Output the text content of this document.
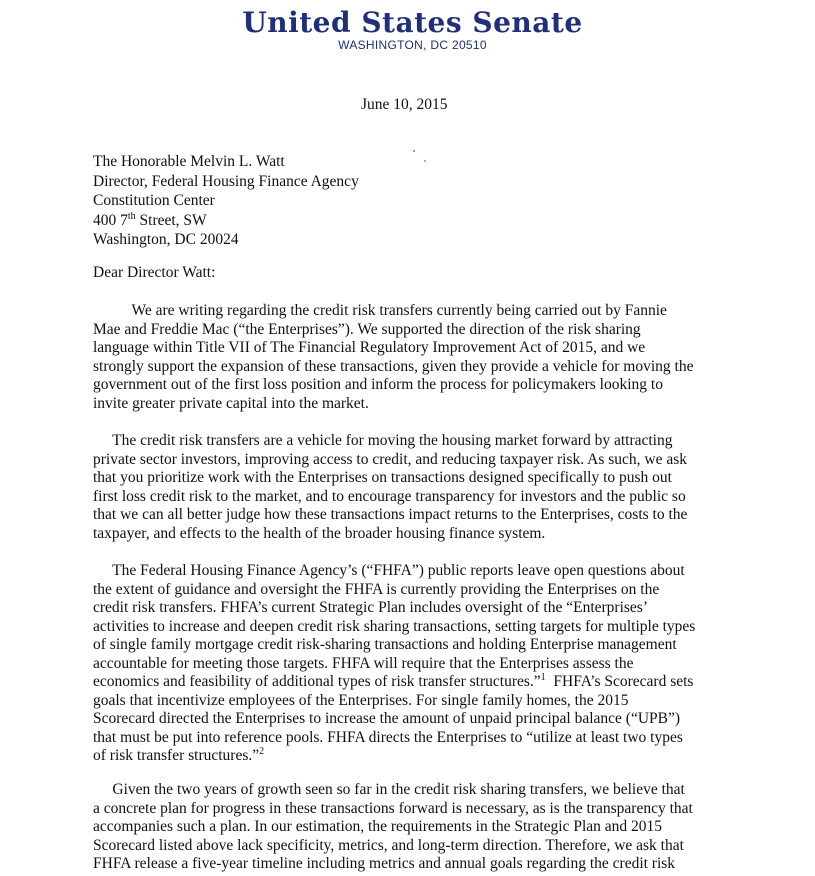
United States Senate
WASHINGTON, DC 20510
June 10, 2015
The Honorable Melvin L. Watt
Director, Federal Housing Finance Agency
Constitution Center
400 7th Street, SW
Washington, DC 20024
Dear Director Watt:
We are writing regarding the credit risk transfers currently being carried out by Fannie
Mae and Freddie Mac (“the Enterprises”). We supported the direction of the risk sharing
language within Title VII of The Financial Regulatory Improvement Act of 2015, and we
strongly support the expansion of these transactions, given they provide a vehicle for moving the
government out of the first loss position and inform the process for policymakers looking to
invite greater private capital into the market.
The credit risk transfers are a vehicle for moving the housing market forward by attracting
private sector investors, improving access to credit, and reducing taxpayer risk. As such, we ask
that you prioritize work with the Enterprises on transactions designed specifically to push out
first loss credit risk to the market, and to encourage transparency for investors and the public so
that we can all better judge how these transactions impact returns to the Enterprises, costs to the
taxpayer, and effects to the health of the broader housing finance system.
The Federal Housing Finance Agency’s (“FHFA”) public reports leave open questions about
the extent of guidance and oversight the FHFA is currently providing the Enterprises on the
credit risk transfers. FHFA’s current Strategic Plan includes oversight of the “Enterprises’
activities to increase and deepen credit risk sharing transactions, setting targets for multiple types
of single family mortgage credit risk-sharing transactions and holding Enterprise management
accountable for meeting those targets. FHFA will require that the Enterprises assess the
economics and feasibility of additional types of risk transfer structures.”$^1$  FHFA’s Scorecard sets
goals that incentivize employees of the Enterprises. For single family homes, the 2015
Scorecard directed the Enterprises to increase the amount of unpaid principal balance (“UPB”)
that must be put into reference pools. FHFA directs the Enterprises to “utilize at least two types
of risk transfer structures.”$^2$
Given the two years of growth seen so far in the credit risk sharing transfers, we believe that
a concrete plan for progress in these transactions forward is necessary, as is the transparency that
accompanies such a plan. In our estimation, the requirements in the Strategic Plan and 2015
Scorecard listed above lack specificity, metrics, and long-term direction. Therefore, we ask that
FHFA release a five-year timeline including metrics and annual goals regarding the credit risk
